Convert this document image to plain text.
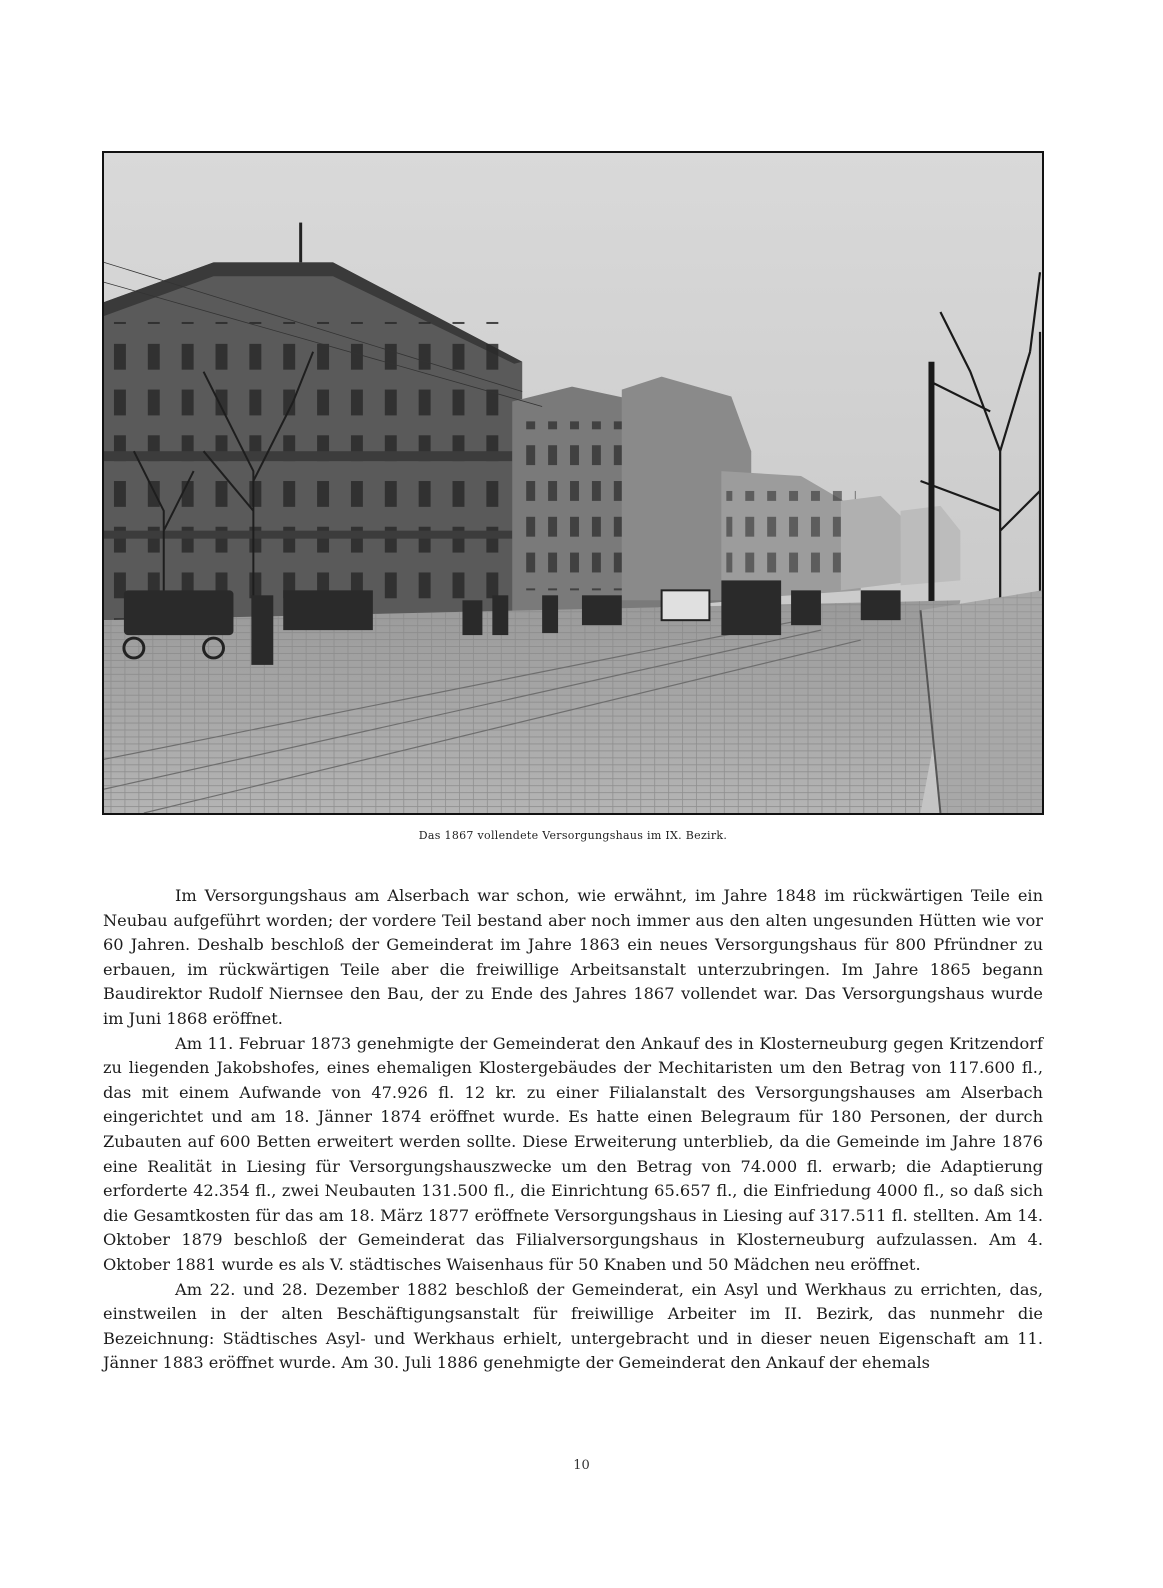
Das 1867 vollendete Versorgungshaus im IX. Bezirk.

Im Versorgungshaus am Alserbach war schon, wie erwähnt, im Jahre 1848 im rückwärtigen Teile ein Neubau aufgeführt worden; der vordere Teil bestand aber noch immer aus den alten ungesunden Hütten wie vor 60 Jahren. Deshalb beschloß der Gemeinderat im Jahre 1863 ein neues Versorgungshaus für 800 Pfründner zu erbauen, im rückwärtigen Teile aber die freiwillige Arbeitsanstalt unterzubringen. Im Jahre 1865 begann Baudirektor Rudolf Niernsee den Bau, der zu Ende des Jahres 1867 vollendet war. Das Versorgungshaus wurde im Juni 1868 eröffnet.

Am 11. Februar 1873 genehmigte der Gemeinderat den Ankauf des in Klosterneuburg gegen Kritzendorf zu liegenden Jakobshofes, eines ehemaligen Klostergebäudes der Mechitaristen um den Betrag von 117.600 fl., das mit einem Aufwande von 47.926 fl. 12 kr. zu einer Filialanstalt des Versorgungshauses am Alserbach eingerichtet und am 18. Jänner 1874 eröffnet wurde. Es hatte einen Belegraum für 180 Personen, der durch Zubauten auf 600 Betten erweitert werden sollte. Diese Erweiterung unterblieb, da die Gemeinde im Jahre 1876 eine Realität in Liesing für Versorgungshauszwecke um den Betrag von 74.000 fl. erwarb; die Adaptierung erforderte 42.354 fl., zwei Neubauten 131.500 fl., die Einrichtung 65.657 fl., die Einfriedung 4000 fl., so daß sich die Gesamtkosten für das am 18. März 1877 eröffnete Versorgungshaus in Liesing auf 317.511 fl. stellten. Am 14. Oktober 1879 beschloß der Gemeinderat das Filialversorgungshaus in Klosterneuburg aufzulassen. Am 4. Oktober 1881 wurde es als V. städtisches Waisenhaus für 50 Knaben und 50 Mädchen neu eröffnet.

Am 22. und 28. Dezember 1882 beschloß der Gemeinderat, ein Asyl und Werkhaus zu errichten, das, einstweilen in der alten Beschäftigungsanstalt für freiwillige Arbeiter im II. Bezirk, das nunmehr die Bezeichnung: Städtisches Asyl- und Werkhaus erhielt, untergebracht und in dieser neuen Eigenschaft am 11. Jänner 1883 eröffnet wurde. Am 30. Juli 1886 genehmigte der Gemeinderat den Ankauf der ehemals

10
